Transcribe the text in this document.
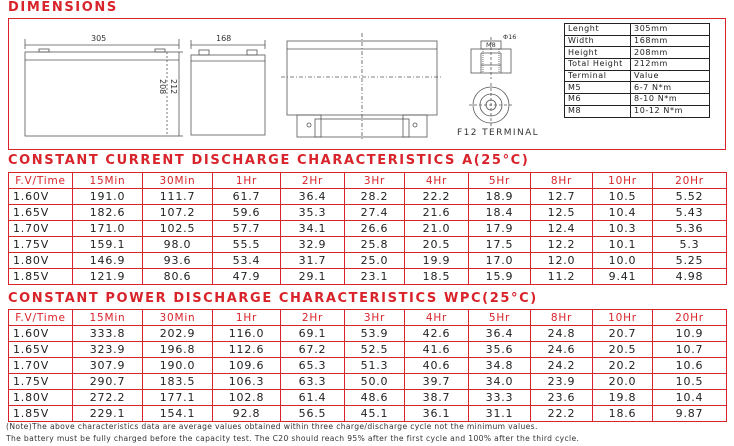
DIMENSIONS
305
208 212
168
M8
Φ16
F12 TERMINAL
Lenght	305mm
Width	168mm
Height	208mm
Total Height	212mm
Terminal	Value
M5	6-7 N*m
M6	8-10 N*m
M8	10-12 N*m
CONSTANT CURRENT DISCHARGE CHARACTERISTICS A(25°C)
F.V/Time	15Min	30Min	1Hr	2Hr	3Hr	4Hr	5Hr	8Hr	10Hr	20Hr
1.60V	191.0	111.7	61.7	36.4	28.2	22.2	18.9	12.7	10.5	5.52
1.65V	182.6	107.2	59.6	35.3	27.4	21.6	18.4	12.5	10.4	5.43
1.70V	171.0	102.5	57.7	34.1	26.6	21.0	17.9	12.4	10.3	5.36
1.75V	159.1	98.0	55.5	32.9	25.8	20.5	17.5	12.2	10.1	5.3
1.80V	146.9	93.6	53.4	31.7	25.0	19.9	17.0	12.0	10.0	5.25
1.85V	121.9	80.6	47.9	29.1	23.1	18.5	15.9	11.2	9.41	4.98
CONSTANT POWER DISCHARGE CHARACTERISTICS WPC(25°C)
F.V/Time	15Min	30Min	1Hr	2Hr	3Hr	4Hr	5Hr	8Hr	10Hr	20Hr
1.60V	333.8	202.9	116.0	69.1	53.9	42.6	36.4	24.8	20.7	10.9
1.65V	323.9	196.8	112.6	67.2	52.5	41.6	35.6	24.6	20.5	10.7
1.70V	307.9	190.0	109.6	65.3	51.3	40.6	34.8	24.2	20.2	10.6
1.75V	290.7	183.5	106.3	63.3	50.0	39.7	34.0	23.9	20.0	10.5
1.80V	272.2	177.1	102.8	61.4	48.6	38.7	33.3	23.6	19.8	10.4
1.85V	229.1	154.1	92.8	56.5	45.1	36.1	31.1	22.2	18.6	9.87
(Note)The above characteristics data are average values obtained within three charge/discharge cycle not the minimum values.
The battery must be fully charged before the capacity test. The C20 should reach 95% after the first cycle and 100% after the third cycle.
